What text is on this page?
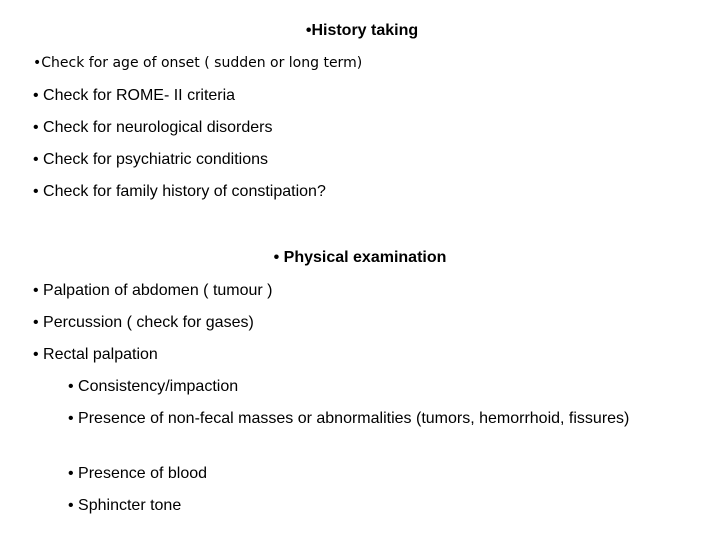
•History taking
•Check for age of onset ( sudden or long term)
• Check for ROME- II criteria
• Check for neurological disorders
• Check for psychiatric conditions
• Check for family history of constipation?
• Physical examination
• Palpation of abdomen ( tumour )
• Percussion ( check for gases)
• Rectal palpation
• Consistency/impaction
• Presence of non-fecal masses or abnormalities (tumors, hemorrhoid, fissures)
• Presence of blood
• Sphincter tone
